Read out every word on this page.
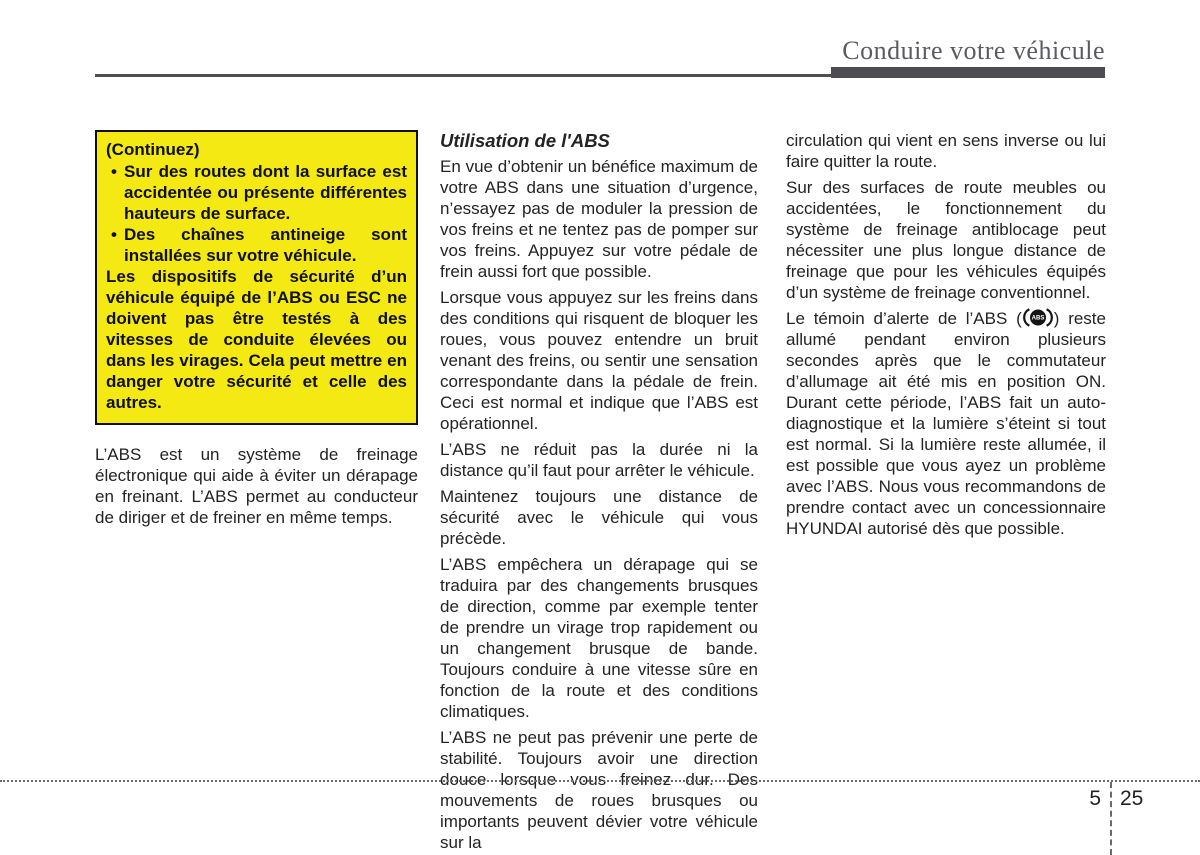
Conduire votre véhicule

(Continuez)

• Sur des routes dont la surface est accidentée ou présente différentes hauteurs de surface.
• Des chaînes antineige sont installées sur votre véhicule.

Les dispositifs de sécurité d’un véhicule équipé de l’ABS ou ESC ne doivent pas être testés à des vitesses de conduite élevées ou dans les virages. Cela peut mettre en danger votre sécurité et celle des autres.

L’ABS est un système de freinage électronique qui aide à éviter un dérapage en freinant. L’ABS permet au conducteur de diriger et de freiner en même temps.

Utilisation de l'ABS

En vue d’obtenir un bénéfice maximum de votre ABS dans une situation d’urgence, n’essayez pas de moduler la pression de vos freins et ne tentez pas de pomper sur vos freins. Appuyez sur votre pédale de frein aussi fort que possible.

Lorsque vous appuyez sur les freins dans des conditions qui risquent de bloquer les roues, vous pouvez entendre un bruit venant des freins, ou sentir une sensation correspondante dans la pédale de frein. Ceci est normal et indique que l’ABS est opérationnel.

L’ABS ne réduit pas la durée ni la distance qu’il faut pour arrêter le véhicule.

Maintenez toujours une distance de sécurité avec le véhicule qui vous précède.

L’ABS empêchera un dérapage qui se traduira par des changements brusques de direction, comme par exemple tenter de prendre un virage trop rapidement ou un changement brusque de bande. Toujours conduire à une vitesse sûre en fonction de la route et des conditions climatiques.

L’ABS ne peut pas prévenir une perte de stabilité. Toujours avoir une direction douce lorsque vous freinez dur. Des mouvements de roues brusques ou importants peuvent dévier votre véhicule sur la

circulation qui vient en sens inverse ou lui faire quitter la route.

Sur des surfaces de route meubles ou accidentées, le fonctionnement du système de freinage antiblocage peut nécessiter une plus longue distance de freinage que pour les véhicules équipés d’un système de freinage conventionnel.

Le témoin d’alerte de l’ABS ( ABS ) reste allumé pendant environ plusieurs secondes après que le commutateur d’allumage ait été mis en position ON. Durant cette période, l’ABS fait un auto-diagnostique et la lumière s’éteint si tout est normal. Si la lumière reste allumée, il est possible que vous ayez un problème avec l’ABS. Nous vous recommandons de prendre contact avec un concessionnaire HYUNDAI autorisé dès que possible.

5 25
